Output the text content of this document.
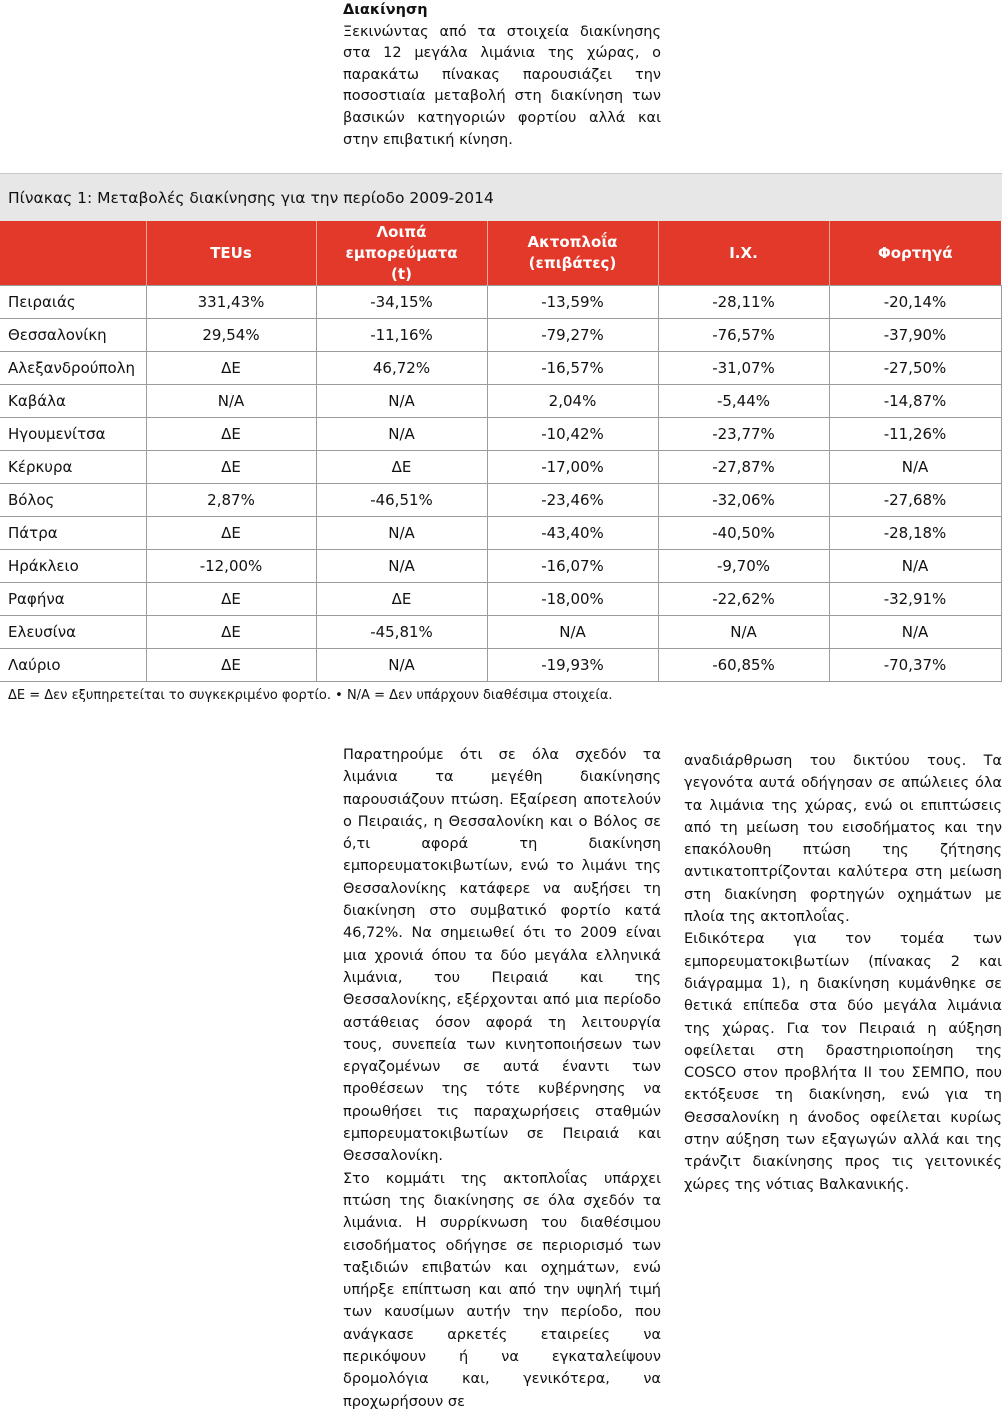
Διακίνηση
Ξεκινώντας από τα στοιχεία διακίνησης στα 12 μεγάλα λιμάνια της χώρας, ο παρακάτω πίνακας παρουσιάζει την ποσοστιαία μεταβολή στη διακίνηση των βασικών κατηγοριών φορτίου αλλά και στην επιβατική κίνηση.
Πίνακας 1: Μεταβολές διακίνησης για την περίοδο 2009-2014
	TEUs	Λοιπά εμπορεύματα (t)	Ακτοπλοΐα (επιβάτες)	Ι.Χ.	Φορτηγά
Πειραιάς	331,43%	-34,15%	-13,59%	-28,11%	-20,14%
Θεσσαλονίκη	29,54%	-11,16%	-79,27%	-76,57%	-37,90%
Αλεξανδρούπολη	ΔΕ	46,72%	-16,57%	-31,07%	-27,50%
Καβάλα	N/A	N/A	2,04%	-5,44%	-14,87%
Ηγουμενίτσα	ΔΕ	N/A	-10,42%	-23,77%	-11,26%
Κέρκυρα	ΔΕ	ΔΕ	-17,00%	-27,87%	N/A
Βόλος	2,87%	-46,51%	-23,46%	-32,06%	-27,68%
Πάτρα	ΔΕ	N/A	-43,40%	-40,50%	-28,18%
Ηράκλειο	-12,00%	N/A	-16,07%	-9,70%	N/A
Ραφήνα	ΔΕ	ΔΕ	-18,00%	-22,62%	-32,91%
Ελευσίνα	ΔΕ	-45,81%	N/A	N/A	N/A
Λαύριο	ΔΕ	N/A	-19,93%	-60,85%	-70,37%
ΔΕ = Δεν εξυπηρετείται το συγκεκριμένο φορτίο. • N/A = Δεν υπάρχουν διαθέσιμα στοιχεία.

Παρατηρούμε ότι σε όλα σχεδόν τα λιμάνια τα μεγέθη διακίνησης παρουσιάζουν πτώση. Εξαίρεση αποτελούν ο Πειραιάς, η Θεσσαλονίκη και ο Βόλος σε ό,τι αφορά τη διακίνηση εμπορευματοκιβωτίων, ενώ το λιμάνι της Θεσσαλονίκης κατάφερε να αυξήσει τη διακίνηση στο συμβατικό φορτίο κατά 46,72%. Να σημειωθεί ότι το 2009 είναι μια χρονιά όπου τα δύο μεγάλα ελληνικά λιμάνια, του Πειραιά και της Θεσσαλονίκης, εξέρχονται από μια περίοδο αστάθειας όσον αφορά τη λειτουργία τους, συνεπεία των κινητοποιήσεων των εργαζομένων σε αυτά έναντι των προθέσεων της τότε κυβέρνησης να προωθήσει τις παραχωρήσεις σταθμών εμπορευματοκιβωτίων σε Πειραιά και Θεσσαλονίκη.

Στο κομμάτι της ακτοπλοΐας υπάρχει πτώση της διακίνησης σε όλα σχεδόν τα λιμάνια. Η συρρίκνωση του διαθέσιμου εισοδήματος οδήγησε σε περιορισμό των ταξιδιών επιβατών και οχημάτων, ενώ υπήρξε επίπτωση και από την υψηλή τιμή των καυσίμων αυτήν την περίοδο, που ανάγκασε αρκετές εταιρείες να περικόψουν ή να εγκαταλείψουν δρομολόγια και, γενικότερα, να προχωρήσουν σε

αναδιάρθρωση του δικτύου τους. Τα γεγονότα αυτά οδήγησαν σε απώλειες όλα τα λιμάνια της χώρας, ενώ οι επιπτώσεις από τη μείωση του εισοδήματος και την επακόλουθη πτώση της ζήτησης αντικατοπτρίζονται καλύτερα στη μείωση στη διακίνηση φορτηγών οχημάτων με πλοία της ακτοπλοΐας.

Ειδικότερα για τον τομέα των εμπορευματοκιβωτίων (πίνακας 2 και διάγραμμα 1), η διακίνηση κυμάνθηκε σε θετικά επίπεδα στα δύο μεγάλα λιμάνια της χώρας. Για τον Πειραιά η αύξηση οφείλεται στη δραστηριοποίηση της COSCO στον προβλήτα ΙΙ του ΣΕΜΠΟ, που εκτόξευσε τη διακίνηση, ενώ για τη Θεσσαλονίκη η άνοδος οφείλεται κυρίως στην αύξηση των εξαγωγών αλλά και της τράνζιτ διακίνησης προς τις γειτονικές χώρες της νότιας Βαλκανικής.
